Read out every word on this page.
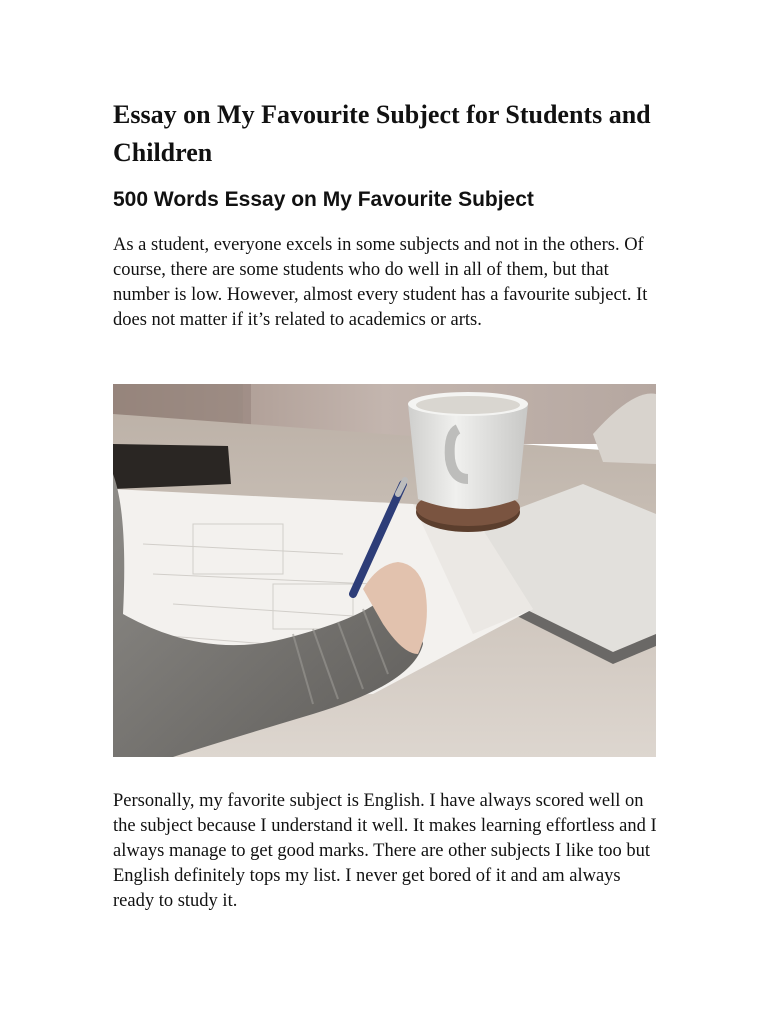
Essay on My Favourite Subject for Students and Children
500 Words Essay on My Favourite Subject

As a student, everyone excels in some subjects and not in the others. Of course, there are some students who do well in all of them, but that number is low. However, almost every student has a favourite subject. It does not matter if it’s related to academics or arts.

Personally, my favorite subject is English. I have always scored well on the subject because I understand it well. It makes learning effortless and I always manage to get good marks. There are other subjects I like too but English definitely tops my list. I never get bored of it and am always ready to study it.
